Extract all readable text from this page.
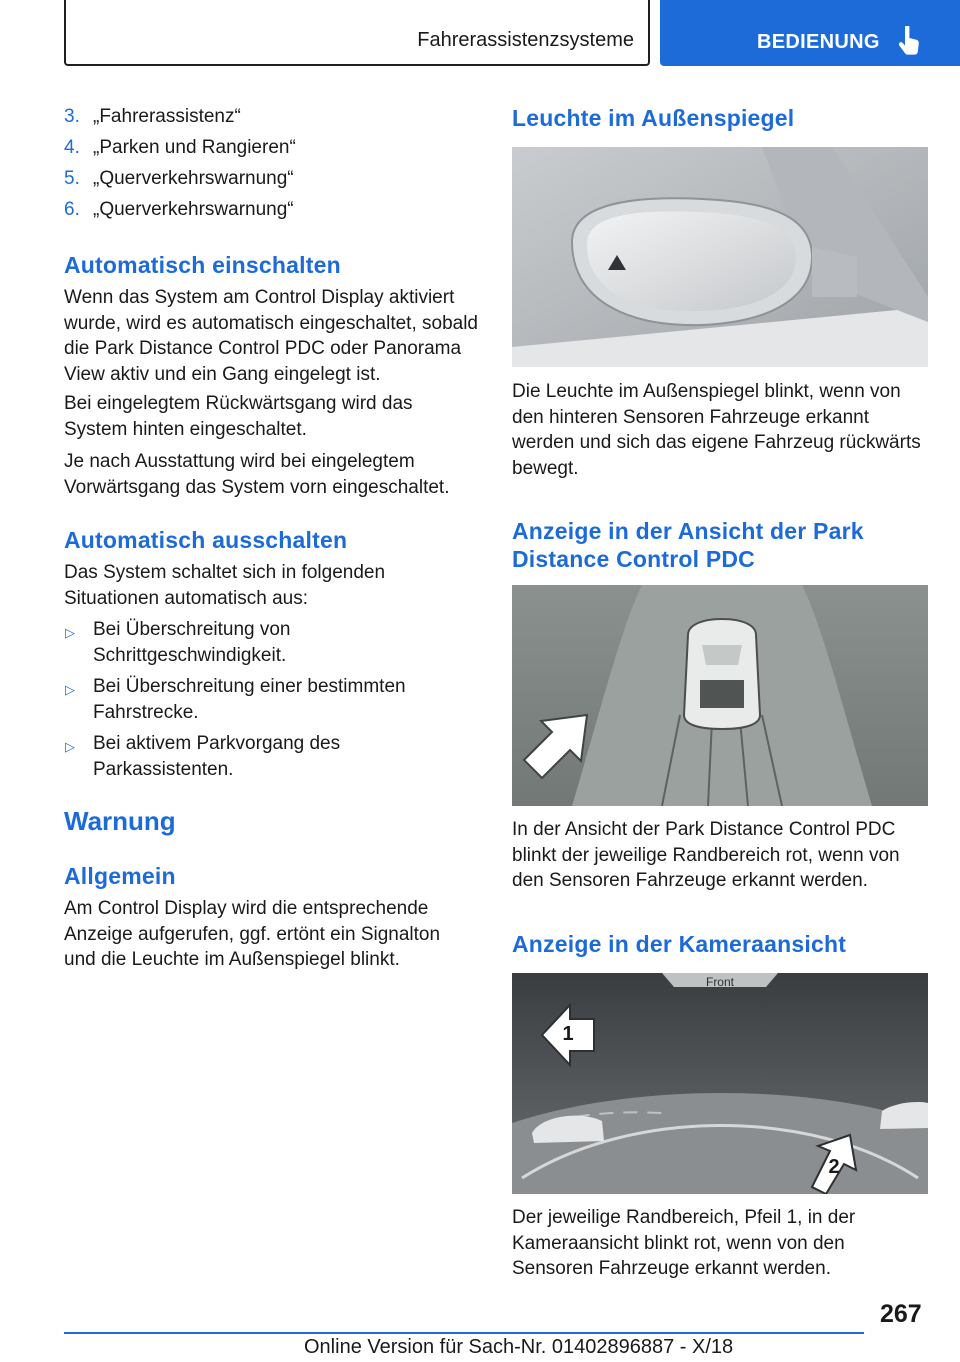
Fahrerassistenzsysteme	BEDIENUNG
3. „Fahrerassistenz“
4. „Parken und Rangieren“
5. „Querverkehrswarnung“
6. „Querverkehrswarnung“
Automatisch einschalten

Wenn das System am Control Display aktiviert wurde, wird es automatisch eingeschaltet, sobald die Park Distance Control PDC oder Panorama View aktiv und ein Gang eingelegt ist.

Bei eingelegtem Rückwärtsgang wird das System hinten eingeschaltet.

Je nach Ausstattung wird bei eingelegtem Vorwärtsgang das System vorn eingeschaltet.

Automatisch ausschalten

Das System schaltet sich in folgenden Situationen automatisch aus:

▷ Bei Überschreitung von Schrittgeschwindigkeit.
▷ Bei Überschreitung einer bestimmten Fahrstrecke.
▷ Bei aktivem Parkvorgang des Parkassistenten.
Warnung
Allgemein

Am Control Display wird die entsprechende Anzeige aufgerufen, ggf. ertönt ein Signalton und die Leuchte im Außenspiegel blinkt.

Leuchte im Außenspiegel

Die Leuchte im Außenspiegel blinkt, wenn von den hinteren Sensoren Fahrzeuge erkannt werden und sich das eigene Fahrzeug rückwärts bewegt.

Anzeige in der Ansicht der Park Distance Control PDC

In der Ansicht der Park Distance Control PDC blinkt der jeweilige Randbereich rot, wenn von den Sensoren Fahrzeuge erkannt werden.

Anzeige in der Kameraansicht
Front
1
2

Der jeweilige Randbereich, Pfeil 1, in der Kameraansicht blinkt rot, wenn von den Sensoren Fahrzeuge erkannt werden.

267
Online Version für Sach-Nr. 01402896887 - X/18
